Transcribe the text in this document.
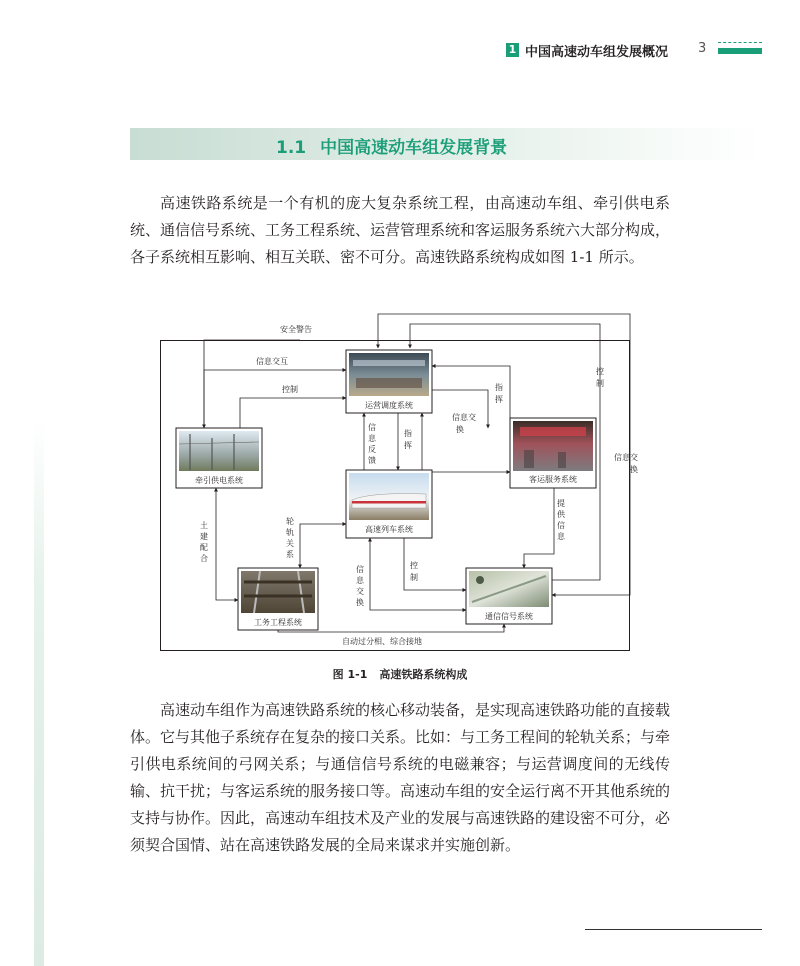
1 中国高速动车组发展概况 3
1.1 中国高速动车组发展背景

高速铁路系统是一个有机的庞大复杂系统工程，由高速动车组、牵引供电系统、通信信号系统、工务工程系统、运营管理系统和客运服务系统六大部分构成，各子系统相互影响、相互关联、密不可分。高速铁路系统构成如图 1-1 所示。

安全警告
信息交互
控制	指
挥
控
制
信息交
换
信息交
换
信
息
反
馈
指
挥
土
建
配
合
轮
轨
关
系
提
供
信
息
信
息
交
换
控
制
自动过分相、综合接地
运营调度系统
牵引供电系统	客运服务系统
高速列车系统
工务工程系统
通信信号系统
图 1-1 高速铁路系统构成

高速动车组作为高速铁路系统的核心移动装备，是实现高速铁路功能的直接载体。它与其他子系统存在复杂的接口关系。比如：与工务工程间的轮轨关系；与牵引供电系统间的弓网关系；与通信信号系统的电磁兼容；与运营调度间的无线传输、抗干扰；与客运系统的服务接口等。高速动车组的安全运行离不开其他系统的支持与协作。因此，高速动车组技术及产业的发展与高速铁路的建设密不可分，必须契合国情、站在高速铁路发展的全局来谋求并实施创新。
